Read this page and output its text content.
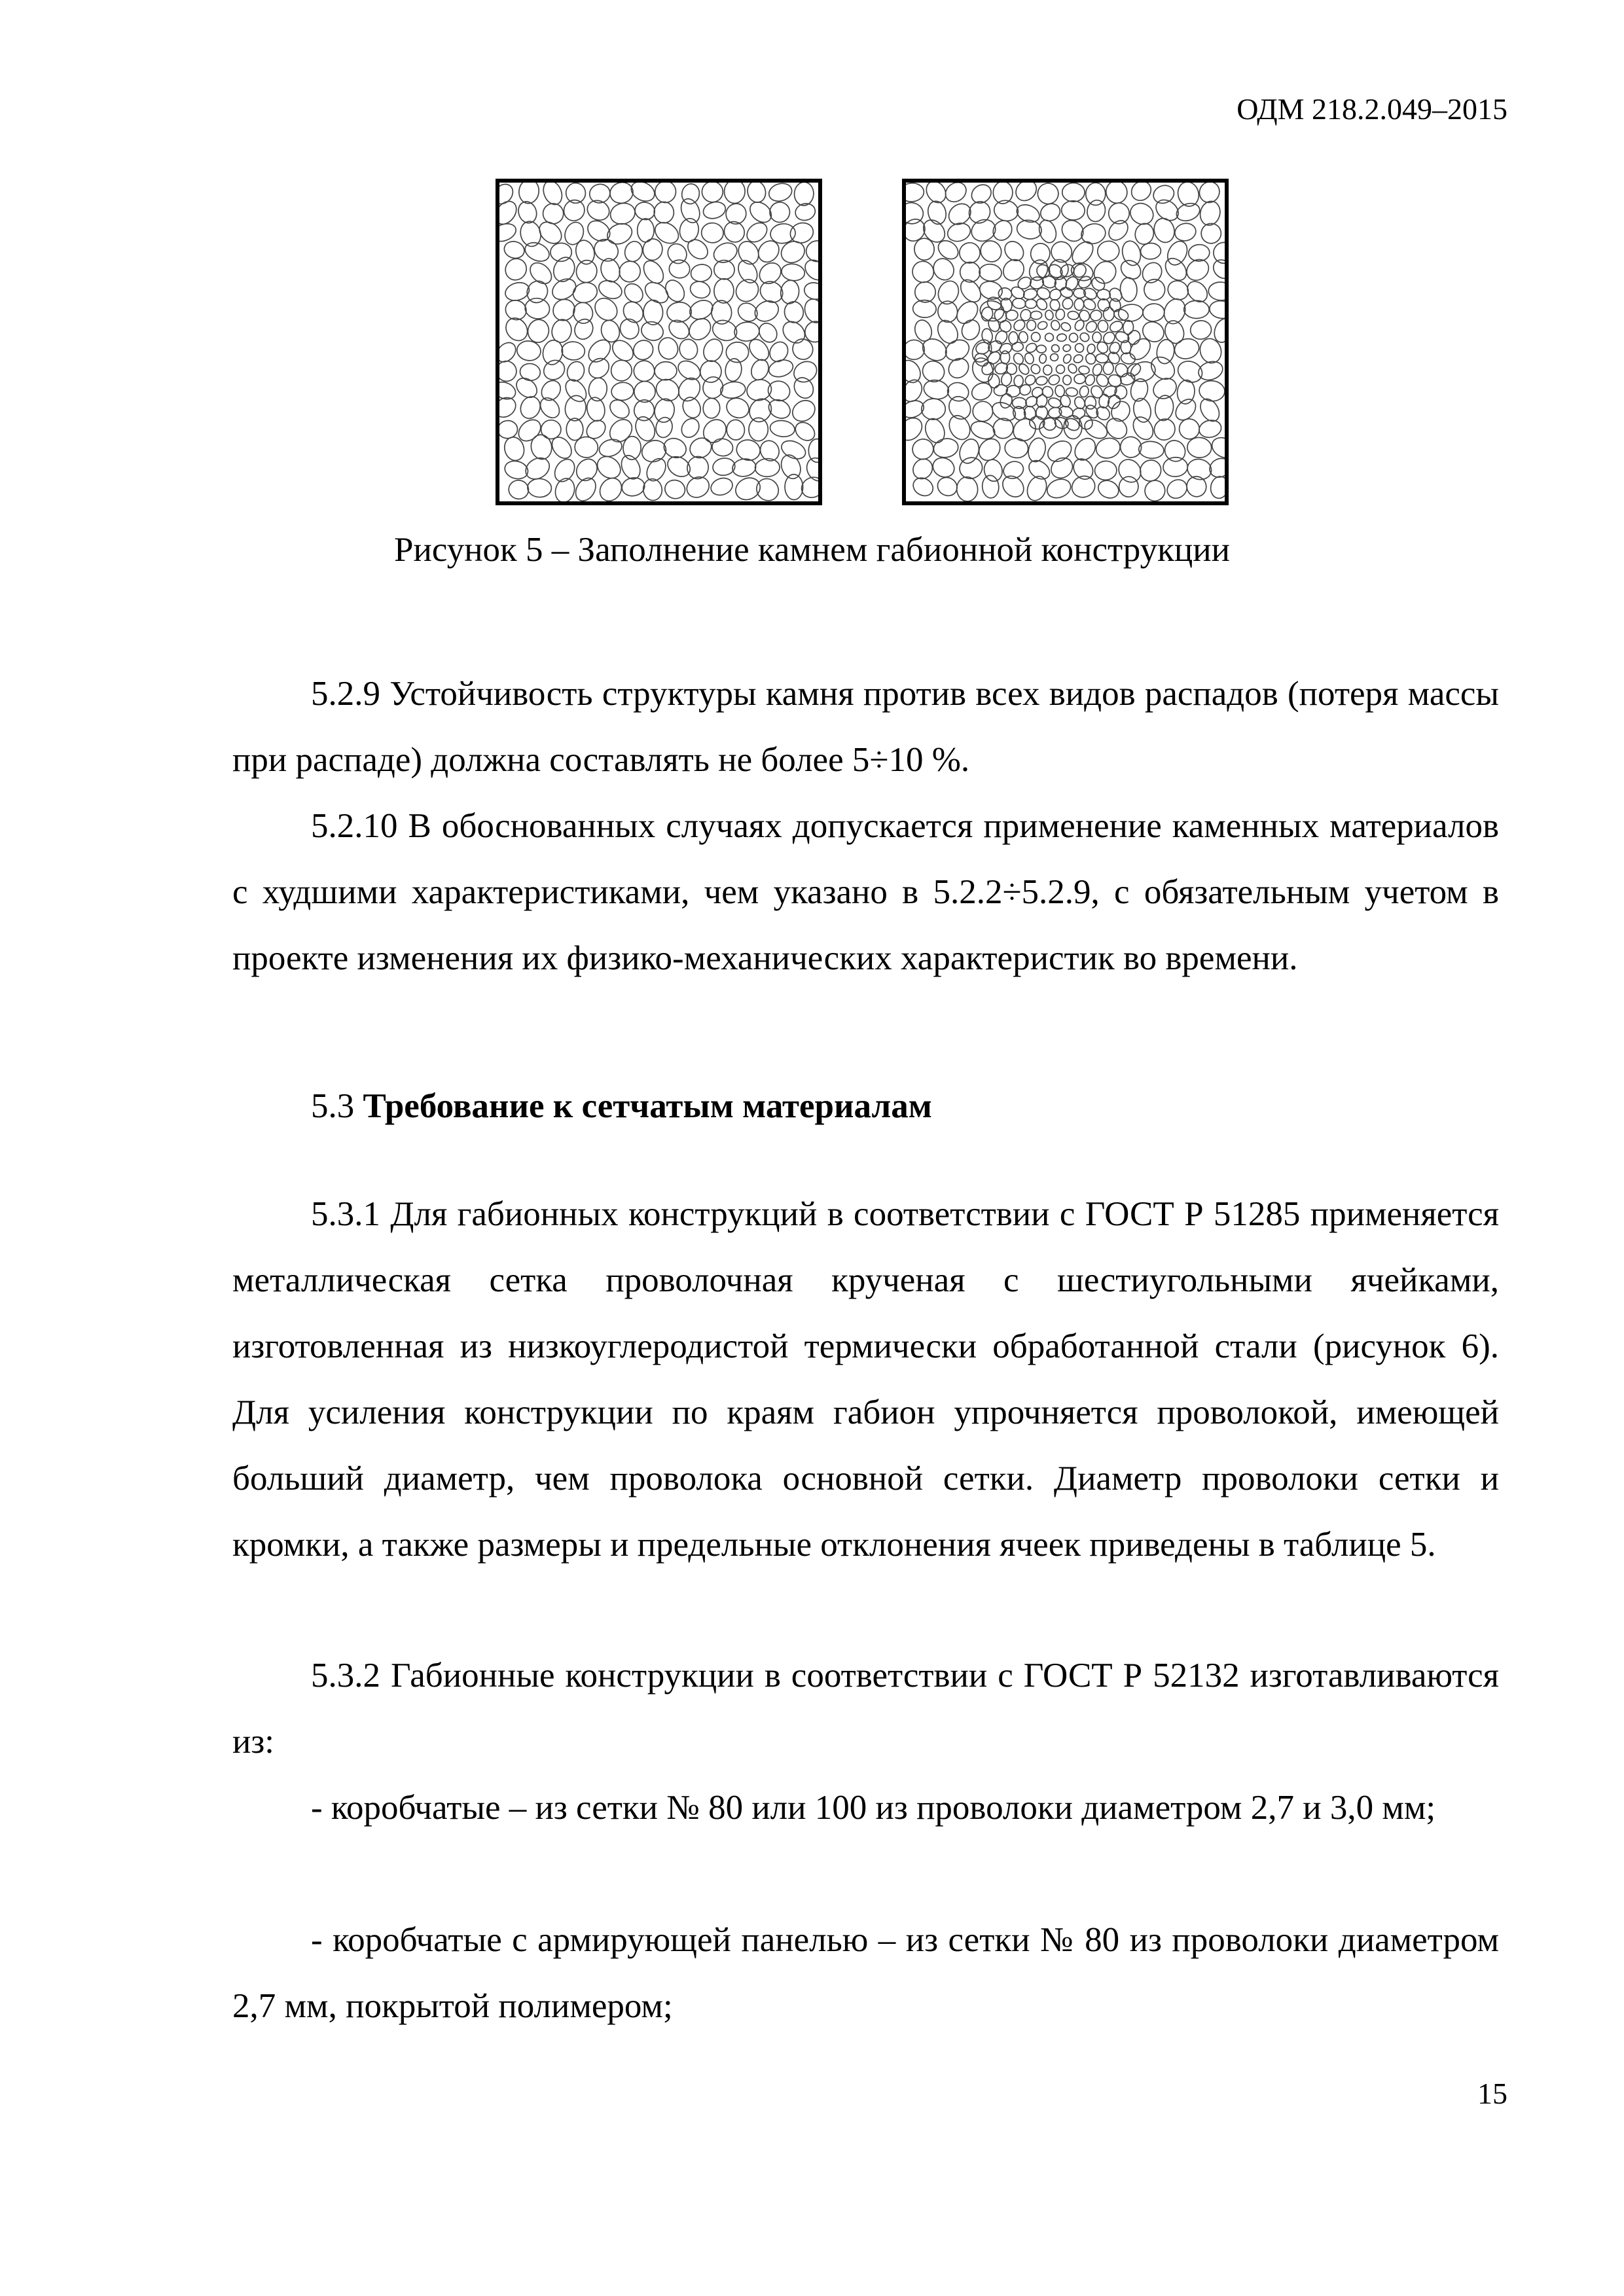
ОДМ 218.2.049–2015
Рисунок 5 – Заполнение камнем габионной конструкции

5.2.9 Устойчивость структуры камня против всех видов распадов (потеря массы при распаде) должна составлять не более 5÷10 %.

5.2.10 В обоснованных случаях допускается применение каменных материалов с худшими характеристиками, чем указано в 5.2.2÷5.2.9, с обязательным учетом в проекте изменения их физико-механических характеристик во времени.

5.3 Требование к сетчатым материалам

5.3.1 Для габионных конструкций в соответствии с ГОСТ Р 51285 применяется металлическая сетка проволочная крученая с шестиугольными ячейками, изготовленная из низкоуглеродистой термически обработанной стали (рисунок 6). Для усиления конструкции по краям габион упрочняется проволокой, имеющей больший диаметр, чем проволока основной сетки. Диаметр проволоки сетки и кромки, а также размеры и предельные отклонения ячеек приведены в таблице 5.

5.3.2 Габионные конструкции в соответствии с ГОСТ Р 52132 изготавливаются из:

- коробчатые – из сетки № 80 или 100 из проволоки диаметром 2,7 и 3,0 мм;

- коробчатые с армирующей панелью – из сетки № 80 из проволоки диаметром 2,7 мм, покрытой полимером;

15
